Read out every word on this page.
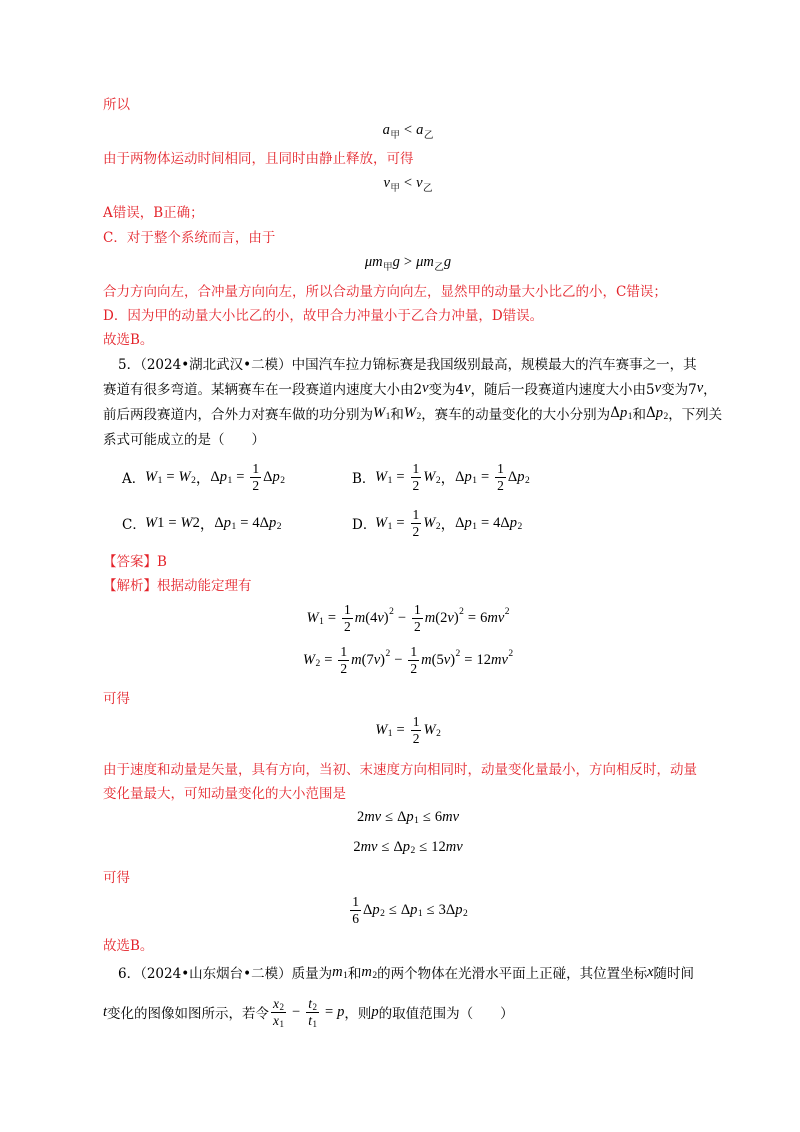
所以
a 甲 < a 乙
由于两物体运动时间相同，且同时由静止释放，可得
v 甲 < v 乙
A错误，B正确；
C．对于整个系统而言，由于
μm 甲 g > μm 乙 g
合力方向向左，合冲量方向向左，所以合动量方向向左，显然甲的动量大小比乙的小，C错误；
D．因为甲的动量大小比乙的小，故甲合力冲量小于乙合力冲量，D错误。
故选B。
5．（2024•湖北武汉•二模）中国汽车拉力锦标赛是我国级别最高，规模最大的汽车赛事之一，其
赛道有很多弯道。某辆赛车在一段赛道内速度大小由2 v 变为4 v ，随后一段赛道内速度大小由5 v 变为7 v ，
前后两段赛道内，合外力对赛车做的功分别为 W 1 和 W 2 ，赛车的动量变化的大小分别为 Δ p 1 和 Δ p 2 ，下列关
系式可能成立的是（　　）
A． W 1 = W 2 ， Δ p $1 = \frac{1}{2}$ Δ p 2	B． W $1 = \frac{1}{2}$ W 2 ， Δ p $1 = \frac{1}{2}$ Δ p 2
C． W 1 = W 2 ， Δ p 1 = 4Δ p 2	D．
W $1 = \frac{1}{2}$ W 2 ， Δ p 1 = 4Δ p 2
【答案】B
【解析】根据动能定理有
W $1 = \frac{1}{2}$ m (4 v ) $2 - \frac{1}{2}$ m (2 v ) 2 = 6 mv 2
W $2 = \frac{1}{2}$ m (7 v ) $2 - \frac{1}{2}$ m (5 v ) 2 = 12 mv 2
可得
W $1 = \frac{1}{2}$ W 2
由于速度和动量是矢量，具有方向，当初、末速度方向相同时，动量变化量最小，方向相反时，动量
变化量最大，可知动量变化的大小范围是
2 mv ≤ Δ p 1 ≤ 6 mv
2 mv ≤ Δ p 2 ≤ 12 mv
可得
$\frac{1}{6}$ Δ p 2 ≤ Δ p 1 ≤ 3Δ p 2
故选B。
6．（2024•山东烟台•二模）质量为 m 1 和 m 2 的两个物体在光滑水平面上正碰，其位置坐标 x 随时间
t 变化的图像如图所示，若令 $\frac{x 2}{x 1} - \frac{t 2}{t 1} = p$ ，则 p 的取值范围为（　　）
